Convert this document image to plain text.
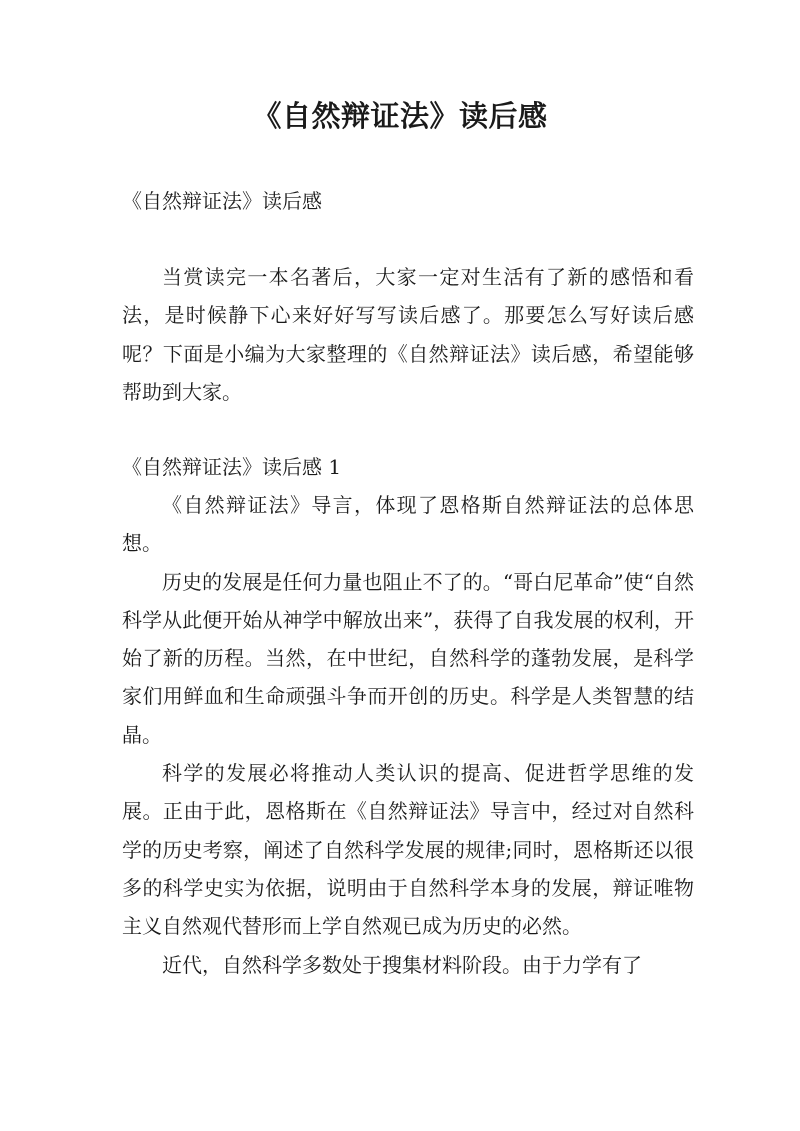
《自然辩证法》读后感

《自然辩证法》读后感

当赏读完一本名著后，大家一定对生活有了新的感悟和看法，是时候静下心来好好写写读后感了。那要怎么写好读后感呢？下面是小编为大家整理的《自然辩证法》读后感，希望能够帮助到大家。

《自然辩证法》读后感 1

《自然辩证法》导言，体现了恩格斯自然辩证法的总体思想。

历史的发展是任何力量也阻止不了的。“哥白尼革命”使“自然科学从此便开始从神学中解放出来”，获得了自我发展的权利，开始了新的历程。当然，在中世纪，自然科学的蓬勃发展，是科学家们用鲜血和生命顽强斗争而开创的历史。科学是人类智慧的结晶。

科学的发展必将推动人类认识的提高、促进哲学思维的发展。正由于此，恩格斯在《自然辩证法》导言中，经过对自然科学的历史考察，阐述了自然科学发展的规律;同时，恩格斯还以很多的科学史实为依据，说明由于自然科学本身的发展，辩证唯物主义自然观代替形而上学自然观已成为历史的必然。

近代，自然科学多数处于搜集材料阶段。由于力学有了
